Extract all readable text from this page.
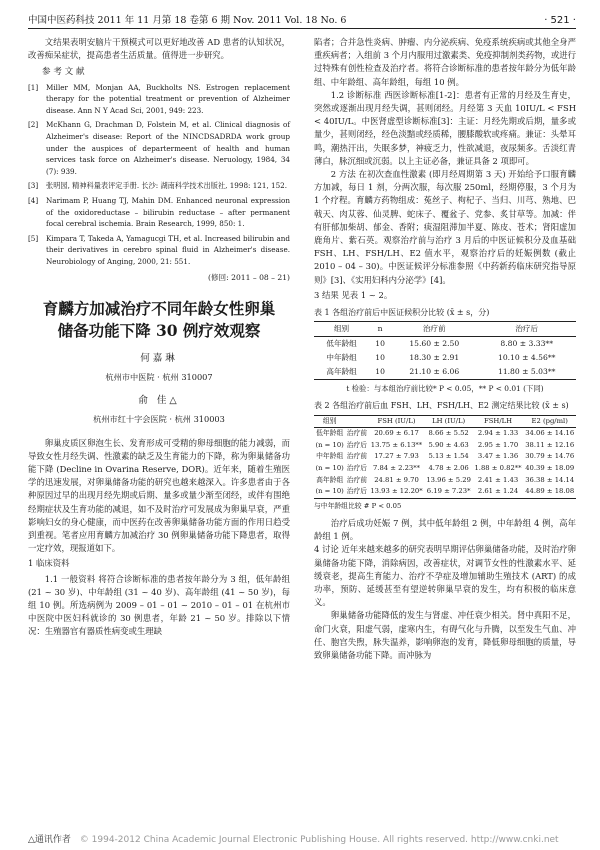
中国中医药科技 2011 年 11 月第 18 卷第 6 期 Nov. 2011 Vol. 18 No. 6	· 521 ·

文结果表明安脑片干预模式可以更好地改善 AD 患者的认知状况，改善痴呆症状，提高患者生活质量。值得进一步研究。

参 考 文 献
[1]	Miller MM, Monjan AA, Buckholts NS. Estrogen replacement therapy for the potential treatment or prevention of Alzheimer disease. Ann N Y Acad Sci, 2001, 949: 223.
[2]	McKhann G, Drachman D, Folstein M, et al. Clinical diagnosis of Alzheimer's disease: Report of the NINCDSADRDA work group under the auspices of departermeent of health and human services task force on Alzheimer's disease. Neruology, 1984, 34 (7): 939.
[3]	张明园, 精神科量表评定手册. 长沙: 湖南科学技术出版社, 1998: 121, 152.
[4]	Narimam P, Huang TJ, Mahin DM. Enhanced neuronal expression of the oxidoreductase – bilirubin reductase – after permanent focal cerebral ischemia. Brain Research, 1999, 850: 1.
[5]	Kimpara T, Takeda A, Yamagucgi TH, et al. Increased bilirubin and their derivatives in cerebro spinal fluid in Alzheimer's disease. Neurobiology of Anging, 2000, 21: 551.
(修回: 2011 – 08 – 21)
育麟方加减治疗不同年龄女性卵巢
储备功能下降 30 例疗效观察
何嘉琳
杭州市中医院 · 杭州 310007
俞 佳△
杭州市红十字会医院 · 杭州 310003

卵巢皮质区卵泡生长、发育形成可受精的卵母细胞的能力减弱，而导致女性月经失调、性激素的缺乏及生育能力的下降，称为卵巢储备功能下降 (Decline in Ovarina Reserve, DOR)。近年来，随着生殖医学的迅速发展，对卵巢储备功能的研究也越来越深入。许多患者由于各种原因过早的出现月经先期或后期、量多或量少渐至闭经，或伴有围绝经期症状及生育功能的减退，如不及时治疗可发展成为卵巢早衰，严重影响妇女的身心健康，而中医药在改善卵巢储备功能方面的作用日趋受到重视。笔者应用育麟方加减治疗 30 例卵巢储备功能下降患者，取得一定疗效，现报道如下。

1 临床资料

1.1 一般资料 将符合诊断标准的患者按年龄分为 3 组，低年龄组 (21 ~ 30 岁)、中年龄组 (31 ~ 40 岁)、高年龄组 (41 ~ 50 岁)，每组 10 例。所选病例为 2009 – 01 – 01 ~ 2010 – 01 – 01 在杭州市中医院中医妇科就诊的 30 例患者，年龄 21 ~ 50 岁。排除以下情况：生殖器官有器质性病变或生理缺

陷者；合并急性炎病、肿瘤、内分泌疾病、免疫系统疾病或其他全身严重疾病者；入组前 3 个月内服用过激素类、免疫抑制剂类药物，或进行过特殊有创性检查及治疗者。将符合诊断标准的患者按年龄分为低年龄组、中年龄组、高年龄组，每组 10 例。

1.2 诊断标准 西医诊断标准[1-2]：患者有正常的月经及生育史，突然或逐渐出现月经失调，甚则闭经。月经第 3 天血 10IU/L < FSH < 40IU/L。中医肾虚型诊断标准[3]：主证：月经先期或后期，量多或量少，甚则闭经，经色淡黯或经质稀，腰膝酸软或疼痛。兼证：头晕耳鸣，潮热汗出，失眠多梦，神疲乏力，性欲减退，夜尿频多。舌淡红青薄白，脉沉细或沉弱。以上主证必备，兼证具备 2 项即可。

2 方法 在初次查血性激素 (即月经周期第 3 天) 开始给予口服育麟方加减，每日 1 剂，分两次服，每次服 250ml，经期停服，3 个月为 1 个疗程。育麟方药物组成：菟丝子、枸杞子、当归、川芎、熟地、巴戟天、肉苁蓉、仙灵脾、蛇床子、覆盆子、党参、炙甘草等。加减：伴有肝郁加柴胡、郁金、香附；痰湿阻滞加半夏、陈皮、苍术；肾阳虚加鹿角片、紫石英。观察治疗前与治疗 3 月后的中医证候积分及血基础 FSH、LH、FSH/LH、E2 值水平，观察治疗后的妊娠例数 (截止 2010 – 04 – 30)。中医证候评分标准参照《中药新药临床研究指导原则》[3]、《实用妇科内分泌学》[4]。

3 结果 见表 1 ~ 2。

表 1 各组治疗前后中医证候积分比较 (x̄ ± s，分)
组别	n	治疗前	治疗后
低年龄组	10	15.60 ± 2.50	8.80 ± 3.33**
中年龄组	10	18.30 ± 2.91	10.10 ± 4.56**
高年龄组	10	21.10 ± 6.06	11.80 ± 5.03**
t 检验：与本组治疗前比较* P < 0.05，** P < 0.01 (下同)
表 2 各组治疗前后血 FSH、LH、FSH/LH、E2 测定结果比较 (x̄ ± s)
组别		FSH (IU/L)	LH (IU/L)	FSH/LH	E2 (pg/ml)
低年龄组	治疗前	20.69 ± 6.17	8.66 ± 5.52	2.94 ± 1.33	34.06 ± 14.16
(n = 10)	治疗后	13.75 ± 6.13**	5.90 ± 4.63	2.95 ± 1.70	38.11 ± 12.16
中年龄组	治疗前	17.27 ± 7.93	5.13 ± 1.54	3.47 ± 1.36	30.79 ± 14.76
(n = 10)	治疗后	7.84 ± 2.23**	4.78 ± 2.06	1.88 ± 0.82**	40.39 ± 18.09
高年龄组	治疗前	24.81 ± 9.70	13.96 ± 5.29	2.41 ± 1.43	36.38 ± 14.14
(n = 10)	治疗后	13.93 ± 12.20*	6.19 ± 7.23*	2.61 ± 1.24	44.89 ± 18.08
与中年龄组比较 # P < 0.05

治疗后成功妊娠 7 例，其中低年龄组 2 例，中年龄组 4 例，高年龄组 1 例。

4 讨论 近年来越来越多的研究表明早期评估卵巢储备功能，及时治疗卵巢储备功能下降，消除病因，改善症状，对调节女性的性激素水平、延缓衰老，提高生育能力、治疗不孕症及增加辅助生殖技术 (ART) 的成功率，预防、延缓甚至有望逆转卵巢早衰的发生，均有积极的临床意义。

卵巢储备功能降低的发生与肾虚、冲任衰少相关。肾中真阳不足，命门火衰，阳虚气弱，虚寒内生，有碍气化与升腾，以至发生气血、冲任、胞宫失煦，脉失温养，影响卵泡的发育，降低卵母细胞的质量，导致卵巢储备功能下降。而冲脉为

△通讯作者 © 1994-2012 China Academic Journal Electronic Publishing House. All rights reserved. http://www.cnki.net
